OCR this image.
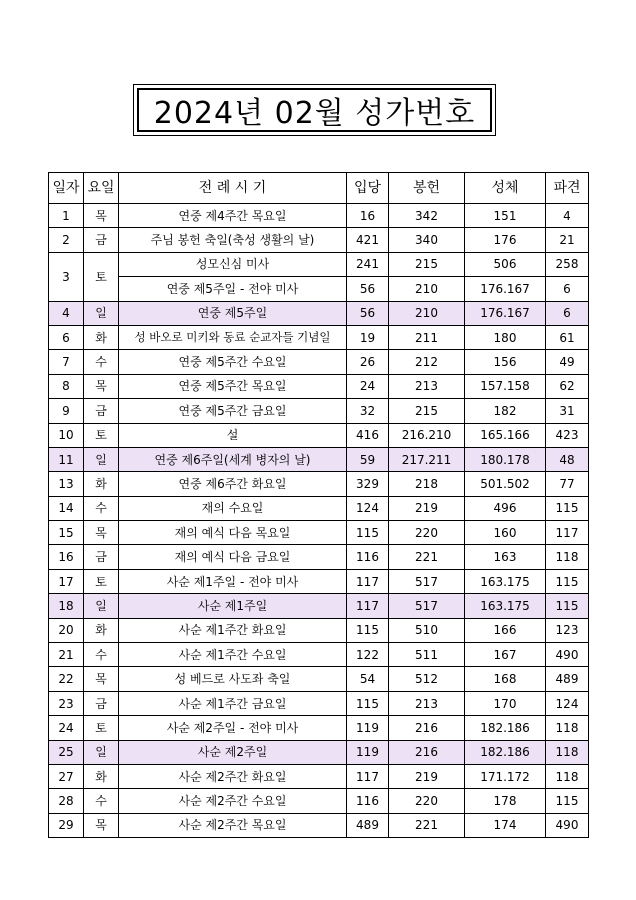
2024년 02월 성가번호
일자	요일	전 례 시 기	입당	봉헌	성체	파견
1	목	연중 제4주간 목요일	16	342	151	4
2	금	주님 봉헌 축일(축성 생활의 날)	421	340	176	21
3	토	성모신심 미사	241	215	506	258
		연중 제5주일 - 전야 미사	56	210	176.167	6
4	일	연중 제5주일	56	210	176.167	6
6	화	성 바오로 미키와 동료 순교자들 기념일	19	211	180	61
7	수	연중 제5주간 수요일	26	212	156	49
8	목	연중 제5주간 목요일	24	213	157.158	62
9	금	연중 제5주간 금요일	32	215	182	31
10	토	설	416	216.210	165.166	423
11	일	연중 제6주일(세계 병자의 날)	59	217.211	180.178	48
13	화	연중 제6주간 화요일	329	218	501.502	77
14	수	재의 수요일	124	219	496	115
15	목	재의 예식 다음 목요일	115	220	160	117
16	금	재의 예식 다음 금요일	116	221	163	118
17	토	사순 제1주일 - 전야 미사	117	517	163.175	115
18	일	사순 제1주일	117	517	163.175	115
20	화	사순 제1주간 화요일	115	510	166	123
21	수	사순 제1주간 수요일	122	511	167	490
22	목	성 베드로 사도좌 축일	54	512	168	489
23	금	사순 제1주간 금요일	115	213	170	124
24	토	사순 제2주일 - 전야 미사	119	216	182.186	118
25	일	사순 제2주일	119	216	182.186	118
27	화	사순 제2주간 화요일	117	219	171.172	118
28	수	사순 제2주간 수요일	116	220	178	115
29	목	사순 제2주간 목요일	489	221	174	490
